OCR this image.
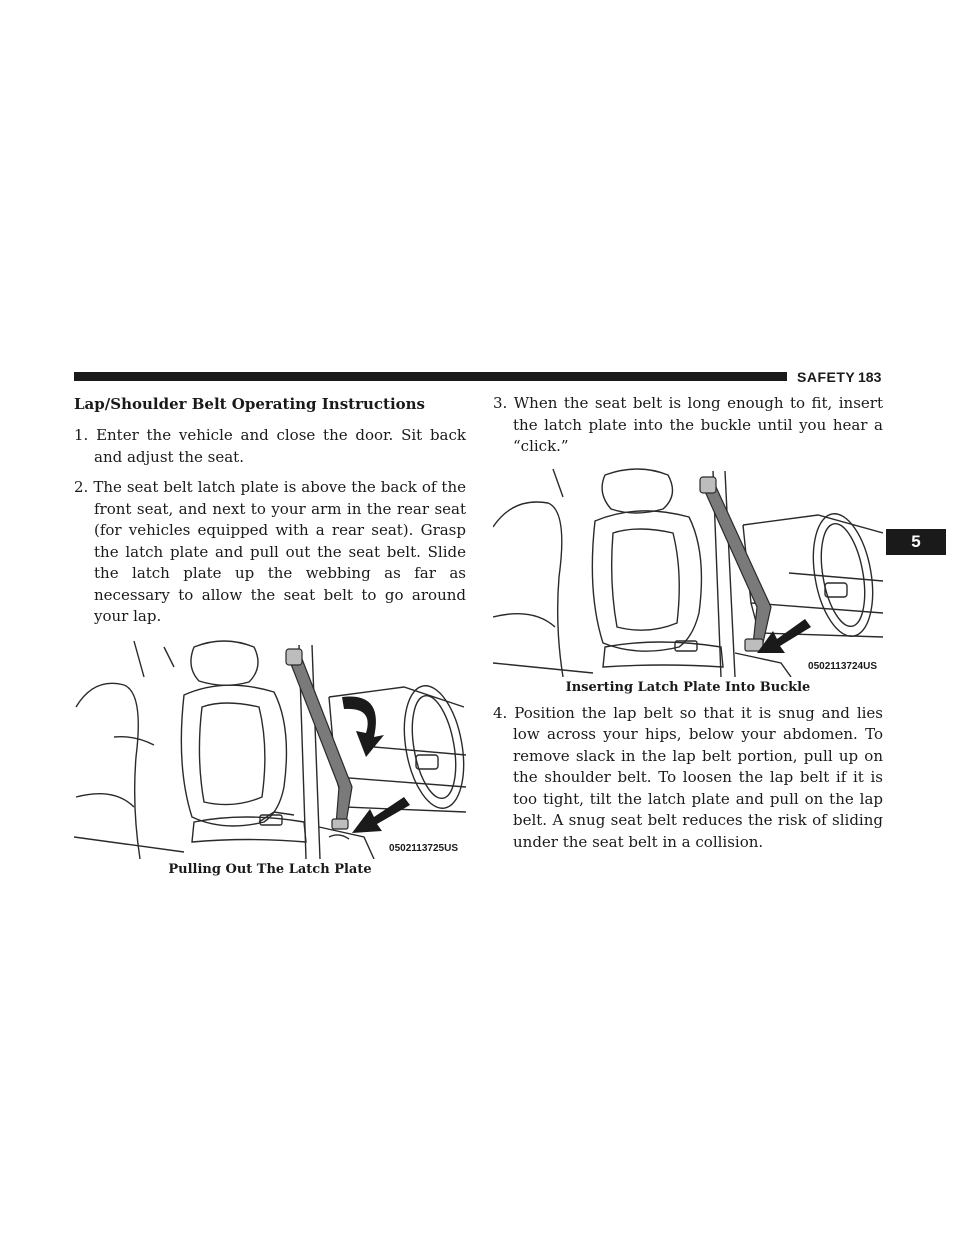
SAFETY 183
5
Lap/Shoulder Belt Operating Instructions

1. Enter the vehicle and close the door. Sit back and adjust the seat.

2. The seat belt latch plate is above the back of the front seat, and next to your arm in the rear seat (for vehicles equipped with a rear seat). Grasp the latch plate and pull out the seat belt. Slide the latch plate up the webbing as far as necessary to allow the seat belt to go around your lap.

0502113725US
Pulling Out The Latch Plate

3. When the seat belt is long enough to fit, insert the latch plate into the buckle until you hear a “click.”

0502113724US
Inserting Latch Plate Into Buckle

4. Position the lap belt so that it is snug and lies low across your hips, below your abdomen. To remove slack in the lap belt portion, pull up on the shoulder belt. To loosen the lap belt if it is too tight, tilt the latch plate and pull on the lap belt. A snug seat belt reduces the risk of sliding under the seat belt in a collision.
